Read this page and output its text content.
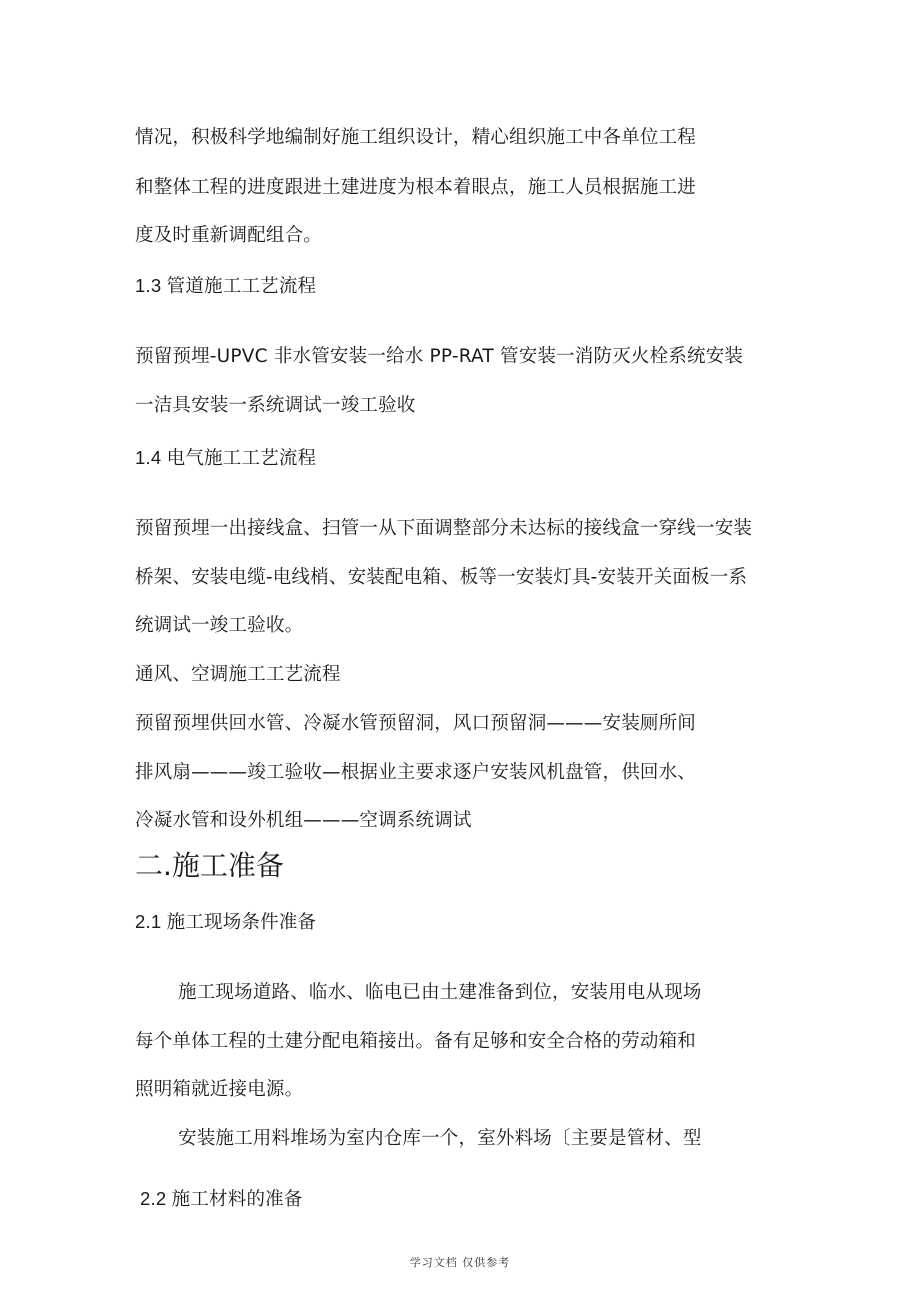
情况，积极科学地编制好施工组织设计，精心组织施工中各单位工程
和整体工程的进度跟进土建进度为根本着眼点，施工人员根据施工进
度及时重新调配组合。
1.3 管道施工工艺流程
预留预埋-UPVC 非水管安装一给水 PP-RAT 管安装一消防灭火栓系统安装
一洁具安装一系统调试一竣工验收
1.4 电气施工工艺流程
预留预埋一出接线盒、扫管一从下面调整部分未达标的接线盒一穿线一安装
桥架、安装电缆-电线梢、安装配电箱、板等一安装灯具-安装开关面板一系
统调试一竣工验收。
通风、空调施工工艺流程
预留预埋供回水管、冷凝水管预留洞，风口预留洞———安装厕所间
排风扇———竣工验收—根据业主要求逐户安装风机盘管，供回水、
冷凝水管和设外机组———空调系统调试
二.施工准备
2.1 施工现场条件准备
施工现场道路、临水、临电已由土建准备到位，安装用电从现场
每个单体工程的土建分配电箱接出。备有足够和安全合格的劳动箱和
照明箱就近接电源。
安装施工用料堆场为室内仓库一个，室外料场〔主要是管材、型
2.2 施工材料的准备
学习文档 仅供参考
